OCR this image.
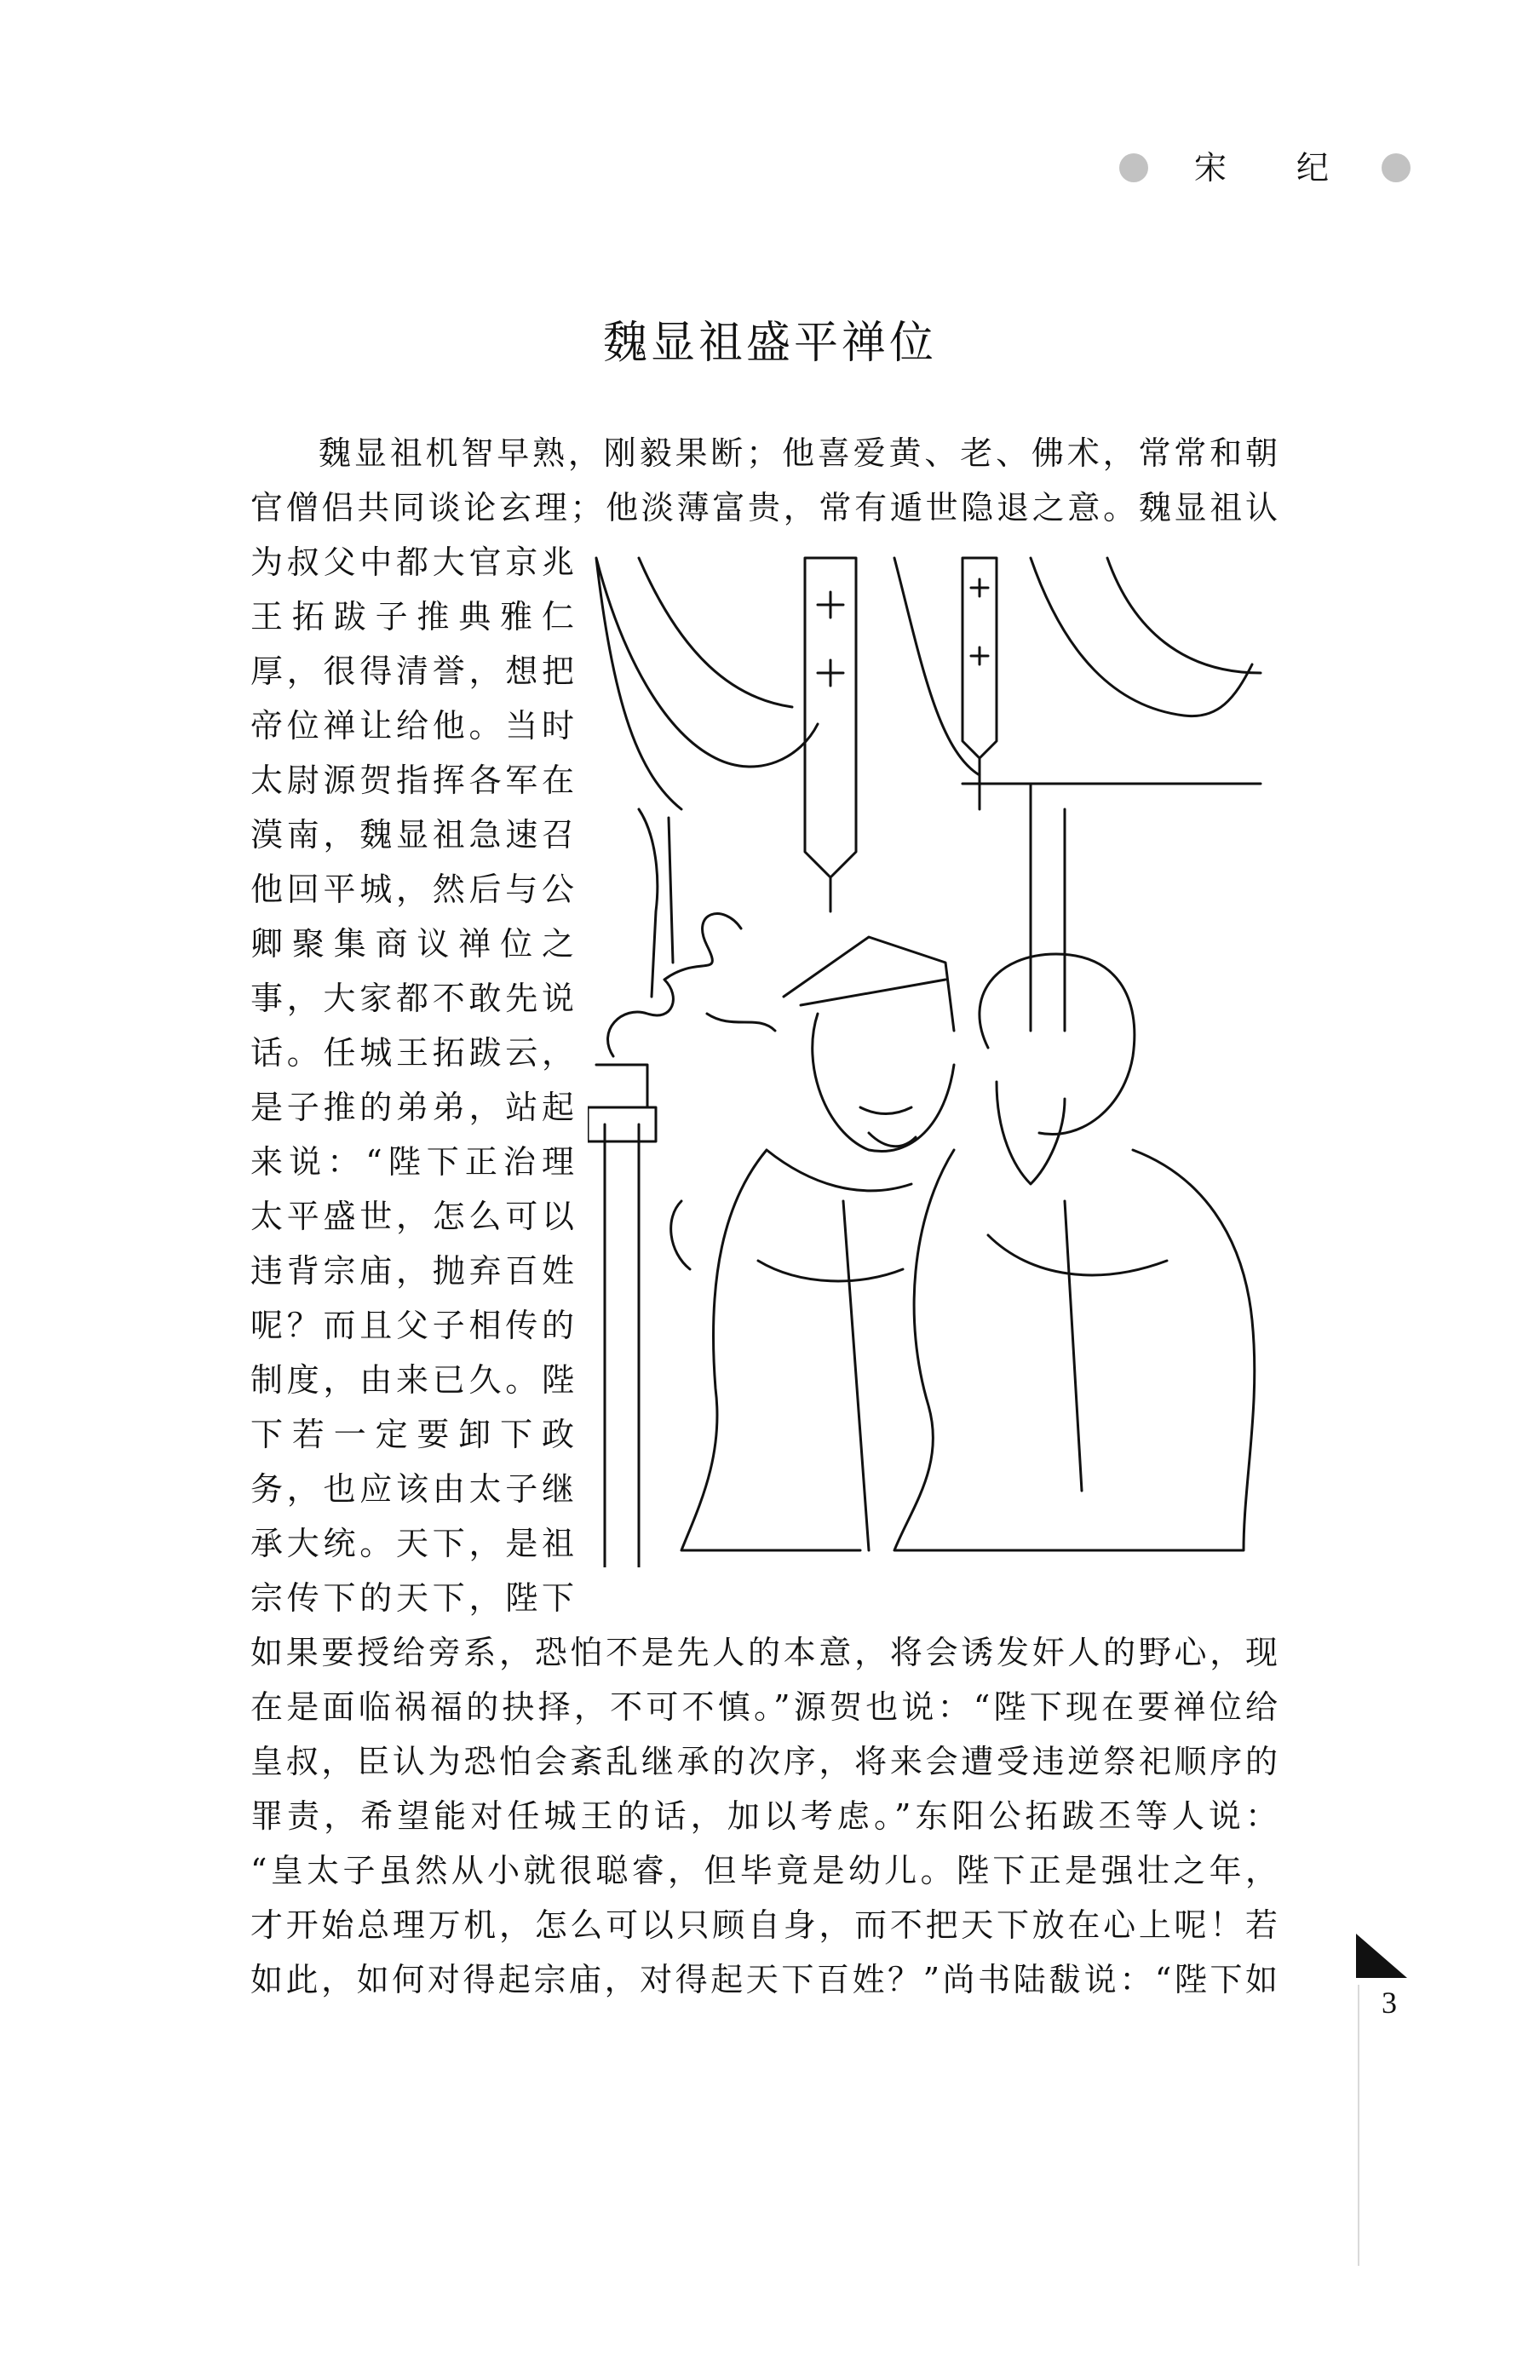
宋 纪
魏显祖盛平禅位
魏显祖机智早熟，刚毅果断；他喜爱黄、老、佛术，常常和朝
官僧侣共同谈论玄理；他淡薄富贵，常有遁世隐退之意。魏显祖认
为叔父中都大官京兆
王拓跋子推典雅仁
厚，很得清誉，想把
帝位禅让给他。当时
太尉源贺指挥各军在
漠南，魏显祖急速召
他回平城，然后与公
卿聚集商议禅位之
事，大家都不敢先说
话。任城王拓跋云，
是子推的弟弟，站起
来说：“陛下正治理
太平盛世，怎么可以
违背宗庙，抛弃百姓
呢？而且父子相传的
制度，由来已久。陛
下若一定要卸下政
务，也应该由太子继
承大统。天下，是祖
宗传下的天下，陛下
如果要授给旁系，恐怕不是先人的本意，将会诱发奸人的野心，现
在是面临祸福的抉择，不可不慎。”源贺也说：“陛下现在要禅位给
皇叔，臣认为恐怕会紊乱继承的次序，将来会遭受违逆祭祀顺序的
罪责，希望能对任城王的话，加以考虑。”东阳公拓跋丕等人说：
“皇太子虽然从小就很聪睿，但毕竟是幼儿。陛下正是强壮之年，
才开始总理万机，怎么可以只顾自身，而不把天下放在心上呢！若
如此，如何对得起宗庙，对得起天下百姓？”尚书陆馛说：“陛下如
3
